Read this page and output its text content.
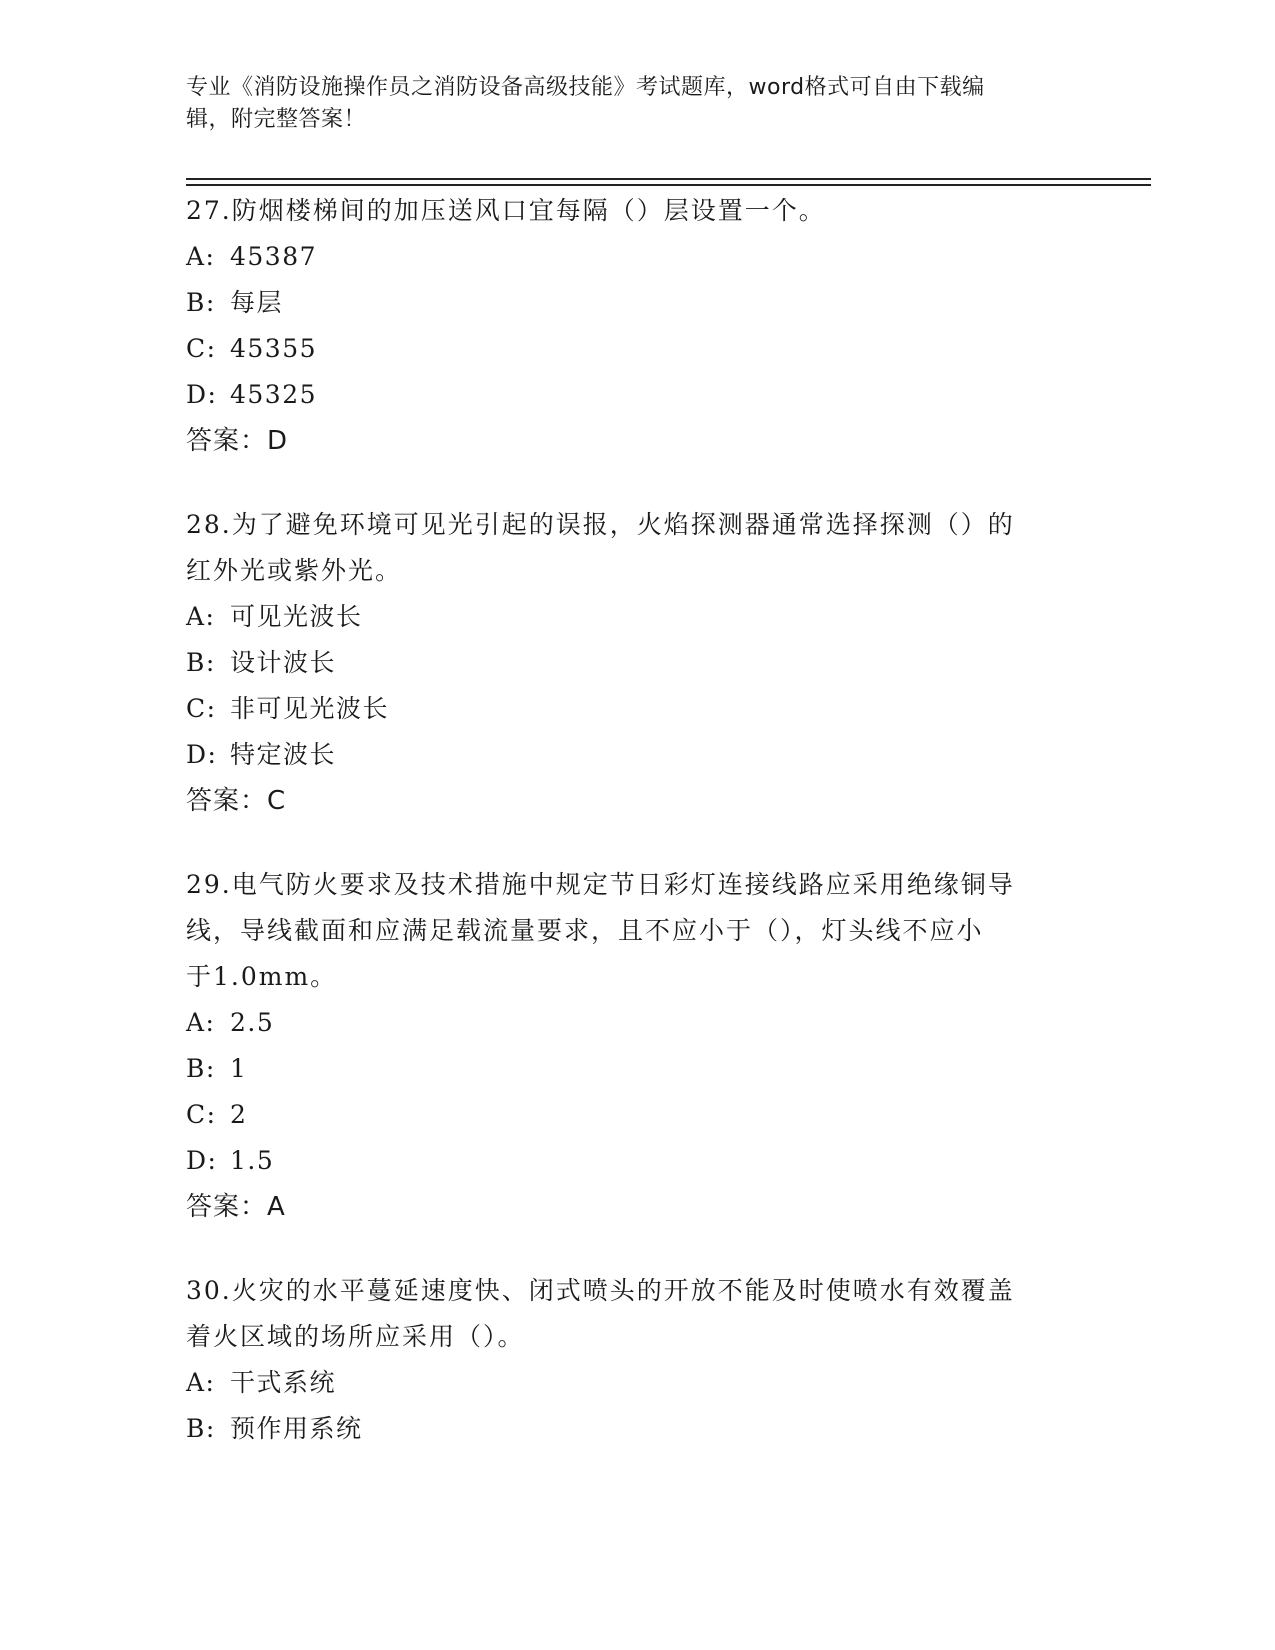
专业《消防设施操作员之消防设备高级技能》考试题库，word格式可自由下载编
辑，附完整答案！
27.防烟楼梯间的加压送风口宜每隔（）层设置一个。
A: 45387
B: 每层
C: 45355
D: 45325
答案：D
28.为了避免环境可见光引起的误报，火焰探测器通常选择探测（）的
红外光或紫外光。
A: 可见光波长
B: 设计波长
C: 非可见光波长
D: 特定波长
答案：C
29.电气防火要求及技术措施中规定节日彩灯连接线路应采用绝缘铜导
线，导线截面和应满足载流量要求，且不应小于（），灯头线不应小
于1.0mm。
A: 2.5
B: 1
C: 2
D: 1.5
答案：A
30.火灾的水平蔓延速度快、闭式喷头的开放不能及时使喷水有效覆盖
着火区域的场所应采用（）。
A: 干式系统
B: 预作用系统
